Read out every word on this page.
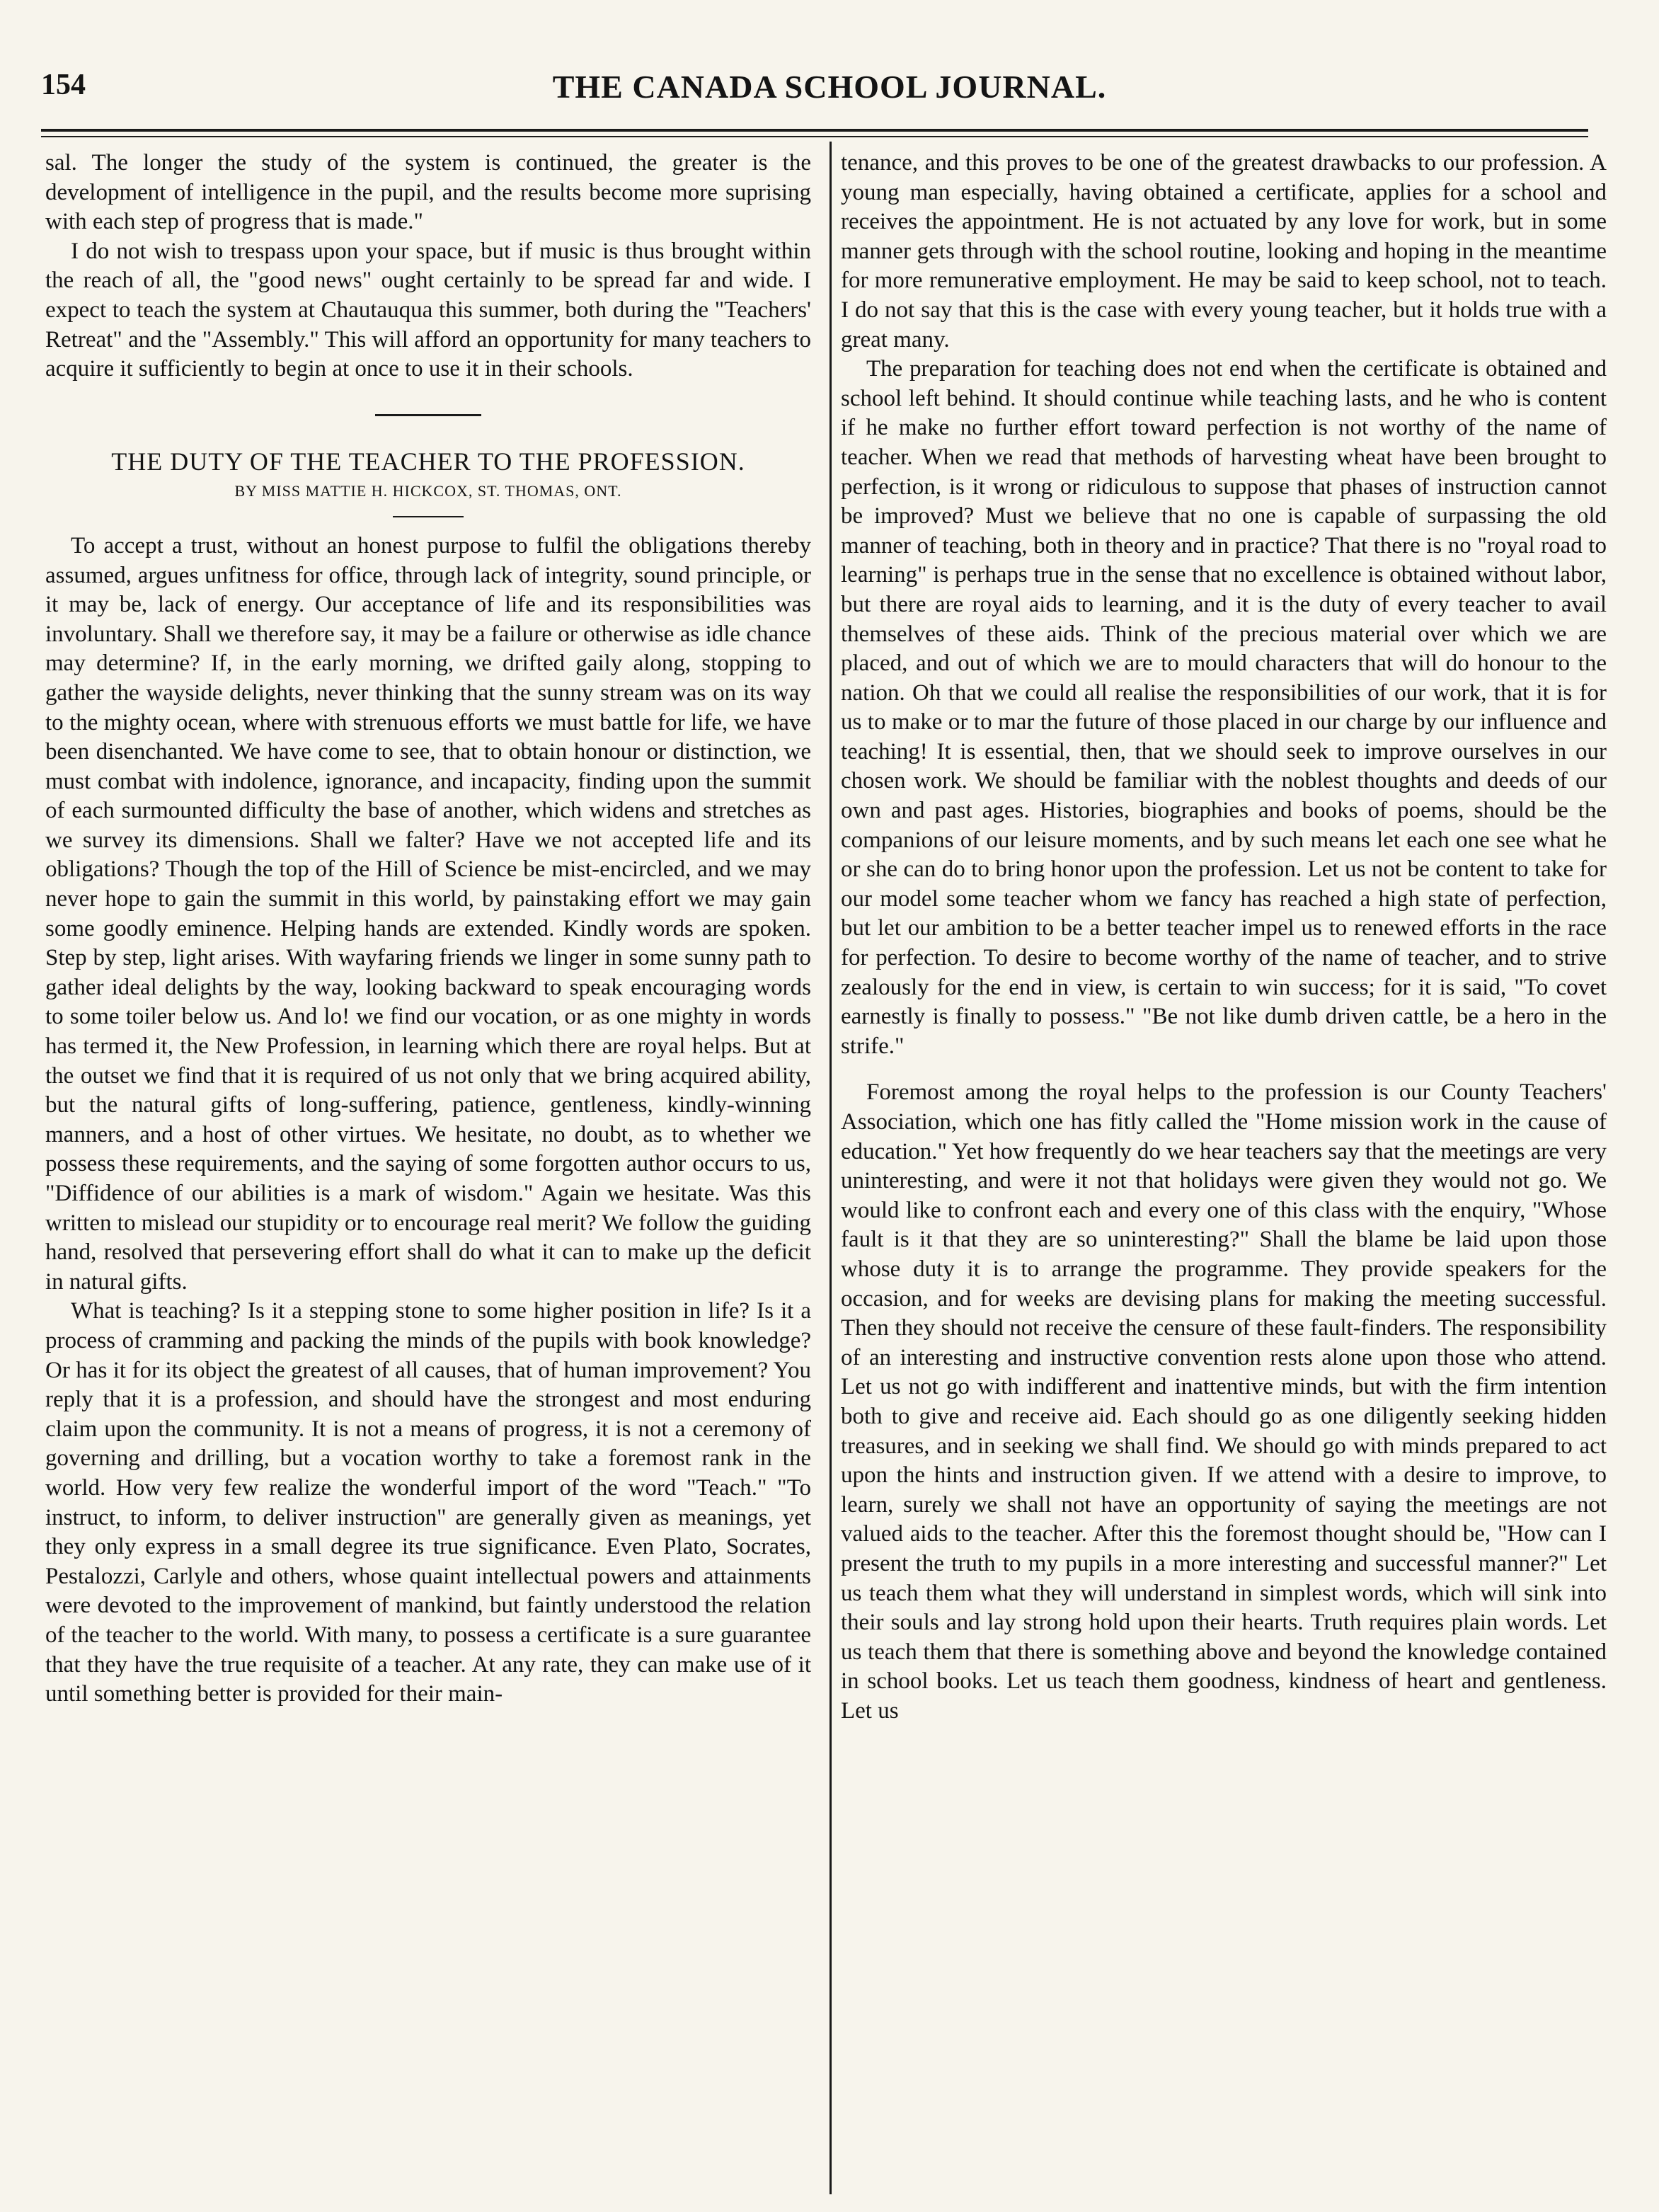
154	THE CANADA SCHOOL JOURNAL.

sal. The longer the study of the system is continued, the greater is the development of intelligence in the pupil, and the results become more suprising with each step of progress that is made."

I do not wish to trespass upon your space, but if music is thus brought within the reach of all, the "good news" ought certainly to be spread far and wide. I expect to teach the system at Chautauqua this summer, both during the "Teachers' Retreat" and the "Assembly." This will afford an opportunity for many teachers to acquire it sufficiently to begin at once to use it in their schools.

THE DUTY OF THE TEACHER TO THE PROFESSION.

BY MISS MATTIE H. HICKCOX, ST. THOMAS, ONT.

To accept a trust, without an honest purpose to fulfil the obligations thereby assumed, argues unfitness for office, through lack of integrity, sound principle, or it may be, lack of energy. Our acceptance of life and its responsibilities was involuntary. Shall we therefore say, it may be a failure or otherwise as idle chance may determine? If, in the early morning, we drifted gaily along, stopping to gather the wayside delights, never thinking that the sunny stream was on its way to the mighty ocean, where with strenuous efforts we must battle for life, we have been disenchanted. We have come to see, that to obtain honour or distinction, we must combat with indolence, ignorance, and incapacity, finding upon the summit of each surmounted difficulty the base of another, which widens and stretches as we survey its dimensions. Shall we falter? Have we not accepted life and its obligations? Though the top of the Hill of Science be mist-encircled, and we may never hope to gain the summit in this world, by painstaking effort we may gain some goodly eminence. Helping hands are extended. Kindly words are spoken. Step by step, light arises. With wayfaring friends we linger in some sunny path to gather ideal delights by the way, looking backward to speak encouraging words to some toiler below us. And lo! we find our vocation, or as one mighty in words has termed it, the New Profession, in learning which there are royal helps. But at the outset we find that it is required of us not only that we bring acquired ability, but the natural gifts of long-suffering, patience, gentleness, kindly-winning manners, and a host of other virtues. We hesitate, no doubt, as to whether we possess these requirements, and the saying of some forgotten author occurs to us, "Diffidence of our abilities is a mark of wisdom." Again we hesitate. Was this written to mislead our stupidity or to encourage real merit? We follow the guiding hand, resolved that persevering effort shall do what it can to make up the deficit in natural gifts.

What is teaching? Is it a stepping stone to some higher position in life? Is it a process of cramming and packing the minds of the pupils with book knowledge? Or has it for its object the greatest of all causes, that of human improvement? You reply that it is a profession, and should have the strongest and most enduring claim upon the community. It is not a means of progress, it is not a ceremony of governing and drilling, but a vocation worthy to take a foremost rank in the world. How very few realize the wonderful import of the word "Teach." "To instruct, to inform, to deliver instruction" are generally given as meanings, yet they only express in a small degree its true significance. Even Plato, Socrates, Pestalozzi, Carlyle and others, whose quaint intellectual powers and attainments were devoted to the improvement of mankind, but faintly understood the relation of the teacher to the world. With many, to possess a certificate is a sure guarantee that they have the true requisite of a teacher. At any rate, they can make use of it until something better is provided for their main-

tenance, and this proves to be one of the greatest drawbacks to our profession. A young man especially, having obtained a certificate, applies for a school and receives the appointment. He is not actuated by any love for work, but in some manner gets through with the school routine, looking and hoping in the meantime for more remunerative employment. He may be said to keep school, not to teach. I do not say that this is the case with every young teacher, but it holds true with a great many.

The preparation for teaching does not end when the certificate is obtained and school left behind. It should continue while teaching lasts, and he who is content if he make no further effort toward perfection is not worthy of the name of teacher. When we read that methods of harvesting wheat have been brought to perfection, is it wrong or ridiculous to suppose that phases of instruction cannot be improved? Must we believe that no one is capable of surpassing the old manner of teaching, both in theory and in practice? That there is no "royal road to learning" is perhaps true in the sense that no excellence is obtained without labor, but there are royal aids to learning, and it is the duty of every teacher to avail themselves of these aids. Think of the precious material over which we are placed, and out of which we are to mould characters that will do honour to the nation. Oh that we could all realise the responsibilities of our work, that it is for us to make or to mar the future of those placed in our charge by our influence and teaching! It is essential, then, that we should seek to improve ourselves in our chosen work. We should be familiar with the noblest thoughts and deeds of our own and past ages. Histories, biographies and books of poems, should be the companions of our leisure moments, and by such means let each one see what he or she can do to bring honor upon the profession. Let us not be content to take for our model some teacher whom we fancy has reached a high state of perfection, but let our ambition to be a better teacher impel us to renewed efforts in the race for perfection. To desire to become worthy of the name of teacher, and to strive zealously for the end in view, is certain to win success; for it is said, "To covet earnestly is finally to possess." "Be not like dumb driven cattle, be a hero in the strife."

Foremost among the royal helps to the profession is our County Teachers' Association, which one has fitly called the "Home mission work in the cause of education." Yet how frequently do we hear teachers say that the meetings are very uninteresting, and were it not that holidays were given they would not go. We would like to confront each and every one of this class with the enquiry, "Whose fault is it that they are so uninteresting?" Shall the blame be laid upon those whose duty it is to arrange the programme. They provide speakers for the occasion, and for weeks are devising plans for making the meeting successful. Then they should not receive the censure of these fault-finders. The responsibility of an interesting and instructive convention rests alone upon those who attend. Let us not go with indifferent and inattentive minds, but with the firm intention both to give and receive aid. Each should go as one diligently seeking hidden treasures, and in seeking we shall find. We should go with minds prepared to act upon the hints and instruction given. If we attend with a desire to improve, to learn, surely we shall not have an opportunity of saying the meetings are not valued aids to the teacher. After this the foremost thought should be, "How can I present the truth to my pupils in a more interesting and successful manner?" Let us teach them what they will understand in simplest words, which will sink into their souls and lay strong hold upon their hearts. Truth requires plain words. Let us teach them that there is something above and beyond the knowledge contained in school books. Let us teach them goodness, kindness of heart and gentleness. Let us
